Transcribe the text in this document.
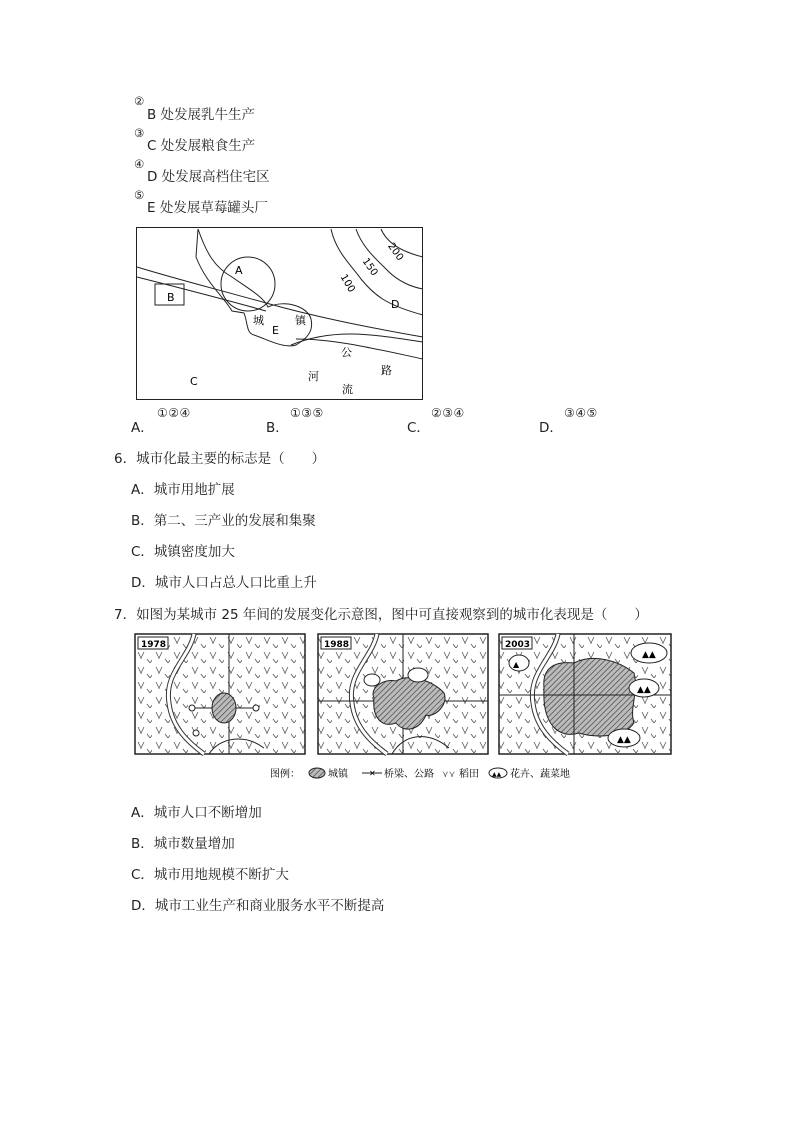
②
B 处发展乳牛生产
③
C 处发展粮食生产
④
D 处发展高档住宅区
⑤
E 处发展草莓罐头厂
200
150
100
A
B
C
D
E
城	镇
公
路
河
流
A．
①②④
B．
①③⑤
C．
②③④
D．
③④⑤
6．城市化最主要的标志是（　　）
A．城市用地扩展
B．第二、三产业的发展和集聚
C．城镇密度加大
D．城市人口占总人口比重上升
7．如图为某城市 25 年间的发展变化示意图，图中可直接观察到的城市化表现是（　　）
1978	1988
▲▲
▲▲
▲▲
▲
2003
图例：	城镇	✕ 桥梁、公路 ⋎⋎ 稻田 ▲▲ 花卉、蔬菜地
A．城市人口不断增加
B．城市数量增加
C．城市用地规模不断扩大
D．城市工业生产和商业服务水平不断提高
